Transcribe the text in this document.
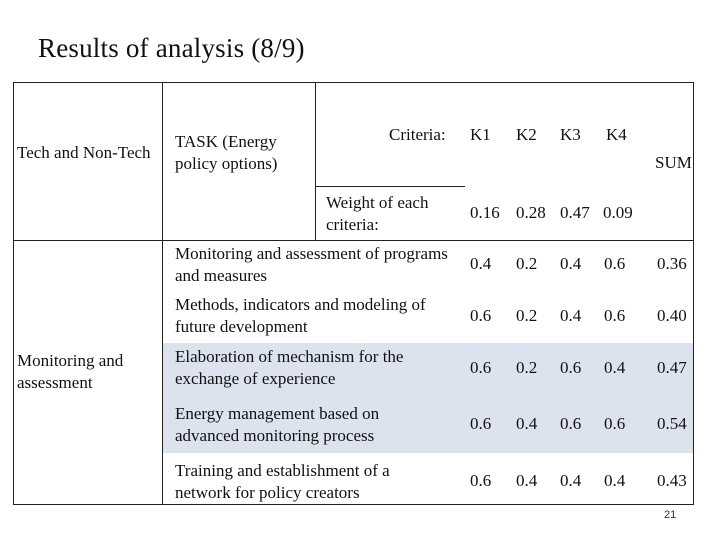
Results of analysis (8/9)
Tech and Non-Tech
TASK (Energy policy options)
Criteria: K1 K2 K3 K4
SUM
Weight of each criteria:
0.16 0.28 0.47 0.09
Monitoring and assessment
Monitoring and assessment of programs and measures
0.4 0.2 0.4 0.6 0.36
Methods, indicators and modeling of future development
0.6 0.2 0.4 0.6 0.40
Elaboration of mechanism for the exchange of experience
0.6 0.2 0.6 0.4 0.47
Energy management based on advanced monitoring process
0.6 0.4 0.6 0.6 0.54
Training and establishment of a network for policy creators
0.6 0.4 0.4 0.4 0.43
21
